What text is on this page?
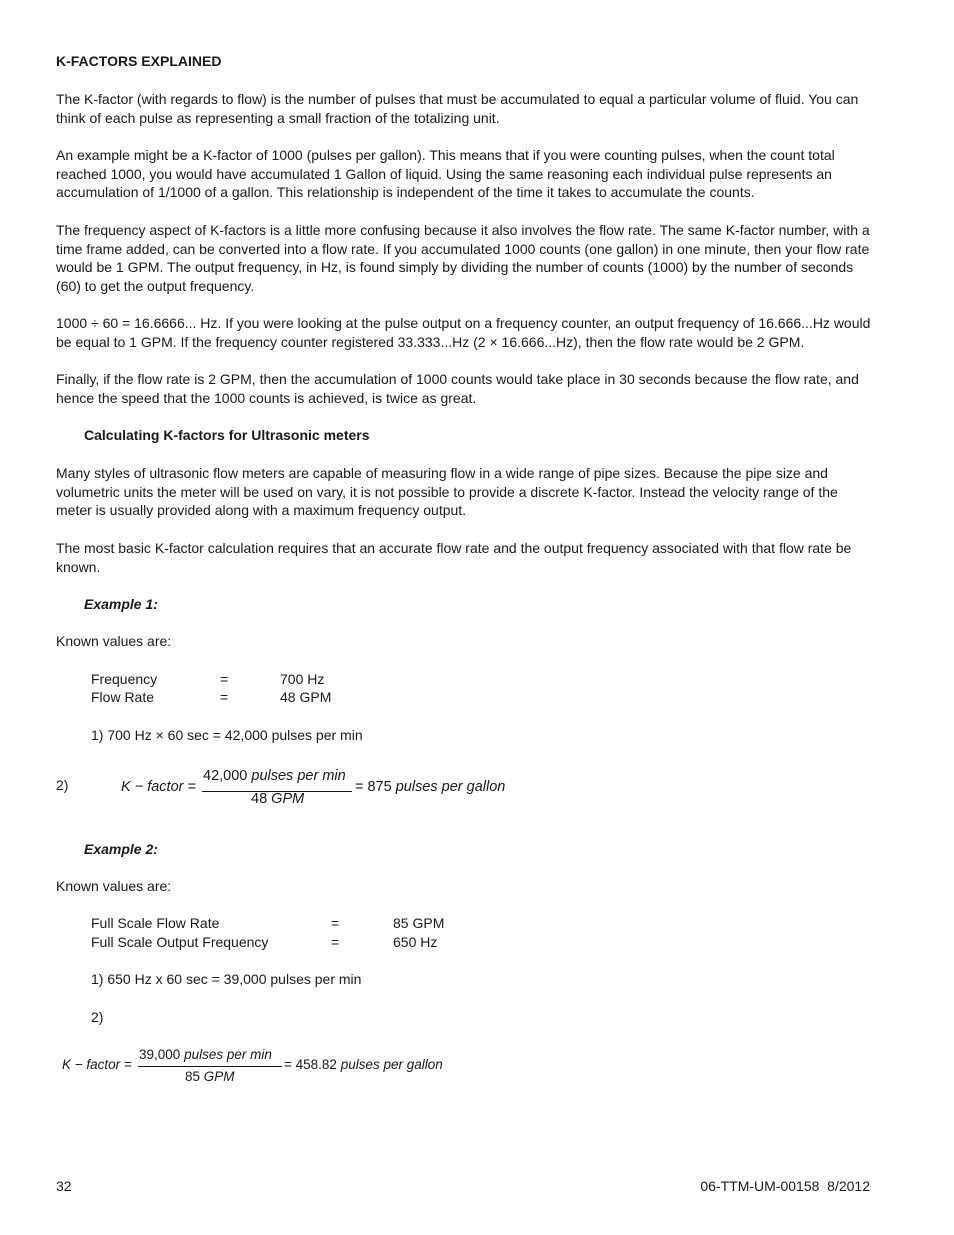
K-FACTORS EXPLAINED

The K-factor (with regards to flow) is the number of pulses that must be accumulated to equal a particular volume of fluid. You can think of each pulse as representing a small fraction of the totalizing unit.

An example might be a K-factor of 1000 (pulses per gallon). This means that if you were counting pulses, when the count total reached 1000, you would have accumulated 1 Gallon of liquid. Using the same reasoning each individual pulse represents an accumulation of 1/1000 of a gallon. This relationship is independent of the time it takes to accumulate the counts.

The frequency aspect of K-factors is a little more confusing because it also involves the flow rate. The same K-factor number, with a time frame added, can be converted into a flow rate. If you accumulated 1000 counts (one gallon) in one minute, then your flow rate would be 1 GPM. The output frequency, in Hz, is found simply by dividing the number of counts (1000) by the number of seconds (60) to get the output frequency.

1000 ÷ 60 = 16.6666... Hz. If you were looking at the pulse output on a frequency counter, an output frequency of 16.666...Hz would be equal to 1 GPM. If the frequency counter registered 33.333...Hz (2 × 16.666...Hz), then the flow rate would be 2 GPM.

Finally, if the flow rate is 2 GPM, then the accumulation of 1000 counts would take place in 30 seconds because the flow rate, and hence the speed that the 1000 counts is achieved, is twice as great.

Calculating K-factors for Ultrasonic meters

Many styles of ultrasonic flow meters are capable of measuring flow in a wide range of pipe sizes. Because the pipe size and volumetric units the meter will be used on vary, it is not possible to provide a discrete K-factor. Instead the velocity range of the meter is usually provided along with a maximum frequency output.

The most basic K-factor calculation requires that an accurate flow rate and the output frequency associated with that flow rate be known.

Example 1:

Known values are:

Frequency	=	700 Hz
Flow Rate	=	48 GPM

1) 700 Hz × 60 sec = 42,000 pulses per min

2)	K − factor =
42,000 pulses per min
48 GPM
= 875 pulses per gallon

Example 2:

Known values are:

Full Scale Flow Rate	=	85 GPM
Full Scale Output Frequency	=	650 Hz

1) 650 Hz x 60 sec = 39,000 pulses per min

2)

K − factor =
39,000 pulses per min
85 GPM
= 458.82 pulses per gallon

32	06-TTM-UM-00158  8/2012
